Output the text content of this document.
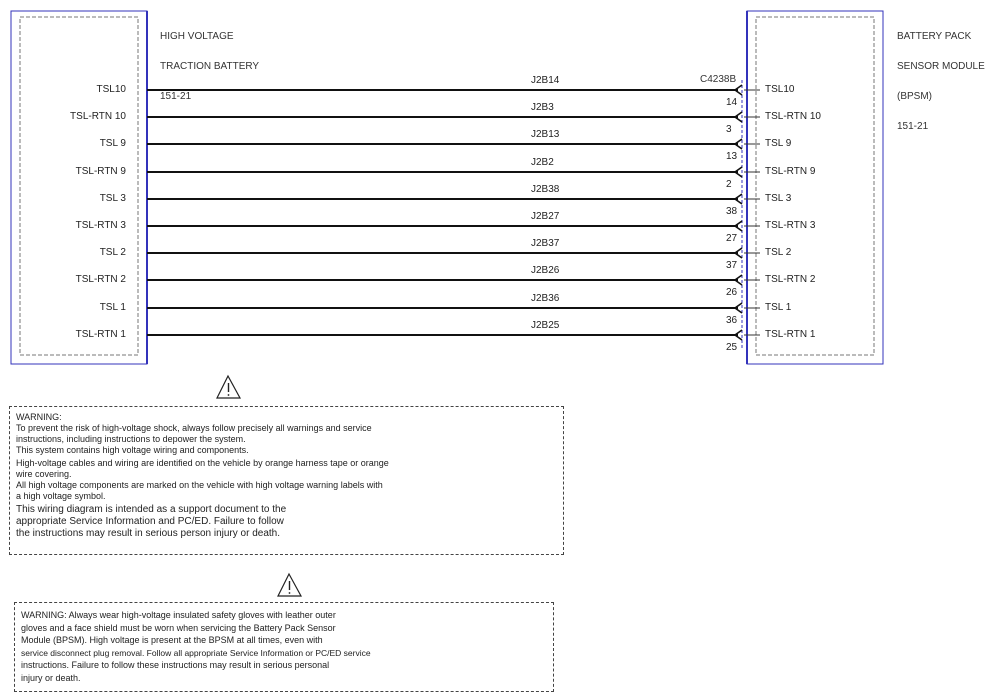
HIGH VOLTAGE

TRACTION BATTERY

151-21

BATTERY PACK

SENSOR MODULE

(BPSM)

151-21

C4238B
TSL10
J2B14
14
TSL10
TSL-RTN 10
J2B3
3
TSL-RTN 10
TSL 9
J2B13
13
TSL 9
TSL-RTN 9
J2B2
2
TSL-RTN 9
TSL 3
J2B38
38
TSL 3
TSL-RTN 3
J2B27
27
TSL-RTN 3
TSL 2
J2B37
37
TSL 2
TSL-RTN 2
J2B26
26
TSL-RTN 2
TSL 1
J2B36
36
TSL 1
TSL-RTN 1
J2B25
25
TSL-RTN 1

WARNING:

To prevent the risk of high-voltage shock, always follow precisely all warnings and service

instructions, including instructions to depower the system.

This system contains high voltage wiring and components.

High-voltage cables and wiring are identified on the vehicle by orange harness tape or orange

wire covering.

All high voltage components are marked on the vehicle with high voltage warning labels with

a high voltage symbol.

This wiring diagram is intended as a support document to the

appropriate Service Information and PC/ED. Failure to follow

the instructions may result in serious person injury or death.

WARNING: Always wear high-voltage insulated safety gloves with leather outer

gloves and a face shield must be worn when servicing the Battery Pack Sensor

Module (BPSM). High voltage is present at the BPSM at all times, even with

service disconnect plug removal. Follow all appropriate Service Information or PC/ED service

instructions. Failure to follow these instructions may result in serious personal

injury or death.
